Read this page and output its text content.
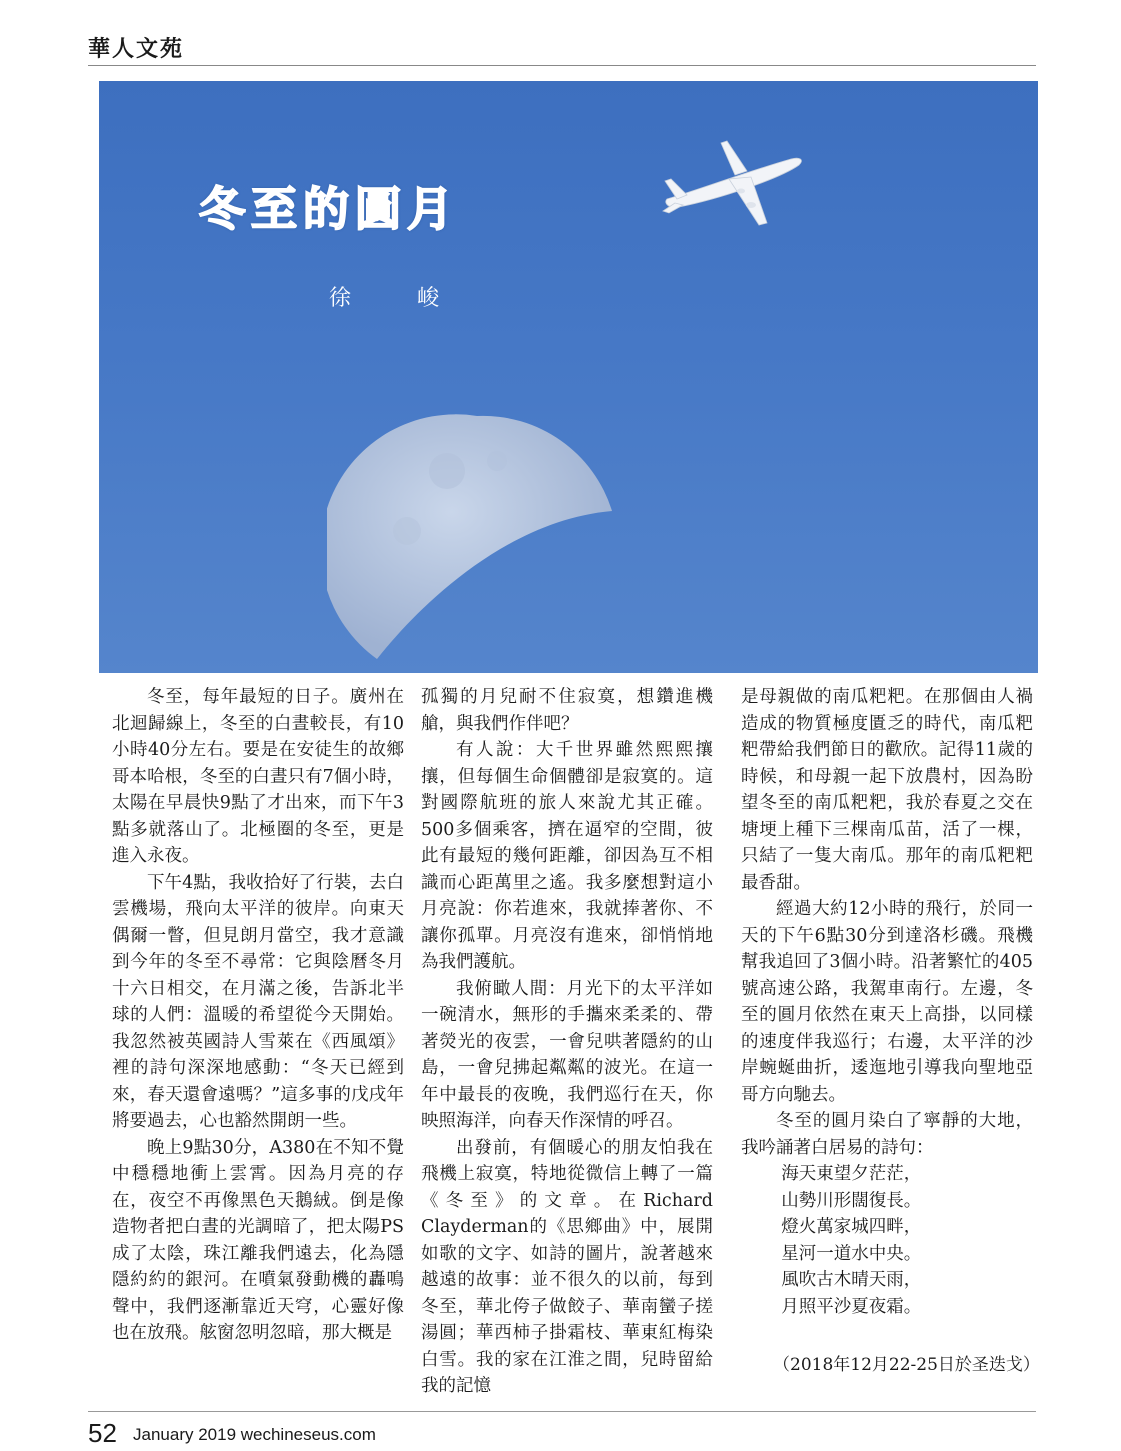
華人文苑
冬至的圓月
徐　峻

冬至，每年最短的日子。廣州在北迴歸線上，冬至的白晝較長，有10小時40分左右。要是在安徒生的故鄉哥本哈根，冬至的白晝只有7個小時，太陽在早晨快9點了才出來，而下午3點多就落山了。北極圈的冬至，更是進入永夜。

下午4點，我收拾好了行裝，去白雲機場，飛向太平洋的彼岸。向東天偶爾一瞥，但見朗月當空，我才意識到今年的冬至不尋常：它與陰曆冬月十六日相交，在月滿之後，告訴北半球的人們：溫暖的希望從今天開始。我忽然被英國詩人雪萊在《西風頌》裡的詩句深深地感動：“冬天已經到來，春天還會遠嗎？”這多事的戊戌年將要過去，心也豁然開朗一些。

晚上9點30分，A380在不知不覺中穩穩地衝上雲霄。因為月亮的存在，夜空不再像黑色天鵝絨。倒是像造物者把白晝的光調暗了，把太陽PS成了太陰，珠江離我們遠去，化為隱隱約約的銀河。在噴氣發動機的轟鳴聲中，我們逐漸靠近天穹，心靈好像也在放飛。舷窗忽明忽暗，那大概是

孤獨的月兒耐不住寂寞，想鑽進機艙，與我們作伴吧？

有人說：大千世界雖然熙熙攘攘，但每個生命個體卻是寂寞的。這對國際航班的旅人來說尤其正確。500多個乘客，擠在逼窄的空間，彼此有最短的幾何距離，卻因為互不相識而心距萬里之遙。我多麼想對這小月亮說：你若進來，我就捧著你、不讓你孤單。月亮沒有進來，卻悄悄地為我們護航。

我俯瞰人間：月光下的太平洋如一碗清水，無形的手攜來柔柔的、帶著熒光的夜雲，一會兒哄著隱約的山島，一會兒拂起粼粼的波光。在這一年中最長的夜晚，我們巡行在天，你映照海洋，向春天作深情的呼召。

出發前，有個暖心的朋友怕我在飛機上寂寞，特地從微信上轉了一篇《冬至》的文章。在Richard Clayderman的《思鄉曲》中，展開如歌的文字、如詩的圖片，說著越來越遠的故事：並不很久的以前，每到冬至，華北侉子做餃子、華南蠻子搓湯圓；華西柿子掛霜枝、華東紅梅染白雪。我的家在江淮之間，兒時留給我的記憶

是母親做的南瓜粑粑。在那個由人禍造成的物質極度匱乏的時代，南瓜粑粑帶給我們節日的歡欣。記得11歲的時候，和母親一起下放農村，因為盼望冬至的南瓜粑粑，我於春夏之交在塘埂上種下三棵南瓜苗，活了一棵，只結了一隻大南瓜。那年的南瓜粑粑最香甜。

經過大約12小時的飛行，於同一天的下午6點30分到達洛杉磯。飛機幫我追回了3個小時。沿著繁忙的405號高速公路，我駕車南行。左邊，冬至的圓月依然在東天上高掛，以同樣的速度伴我巡行；右邊，太平洋的沙岸蜿蜒曲折，逶迤地引導我向聖地亞哥方向馳去。

冬至的圓月染白了寧靜的大地，我吟誦著白居易的詩句：

海天東望夕茫茫，
山勢川形闊復長。
燈火萬家城四畔，
星河一道水中央。
風吹古木晴天雨，
月照平沙夏夜霜。
（2018年12月22-25日於圣迭戈）
52 January 2019 wechineseus.com
